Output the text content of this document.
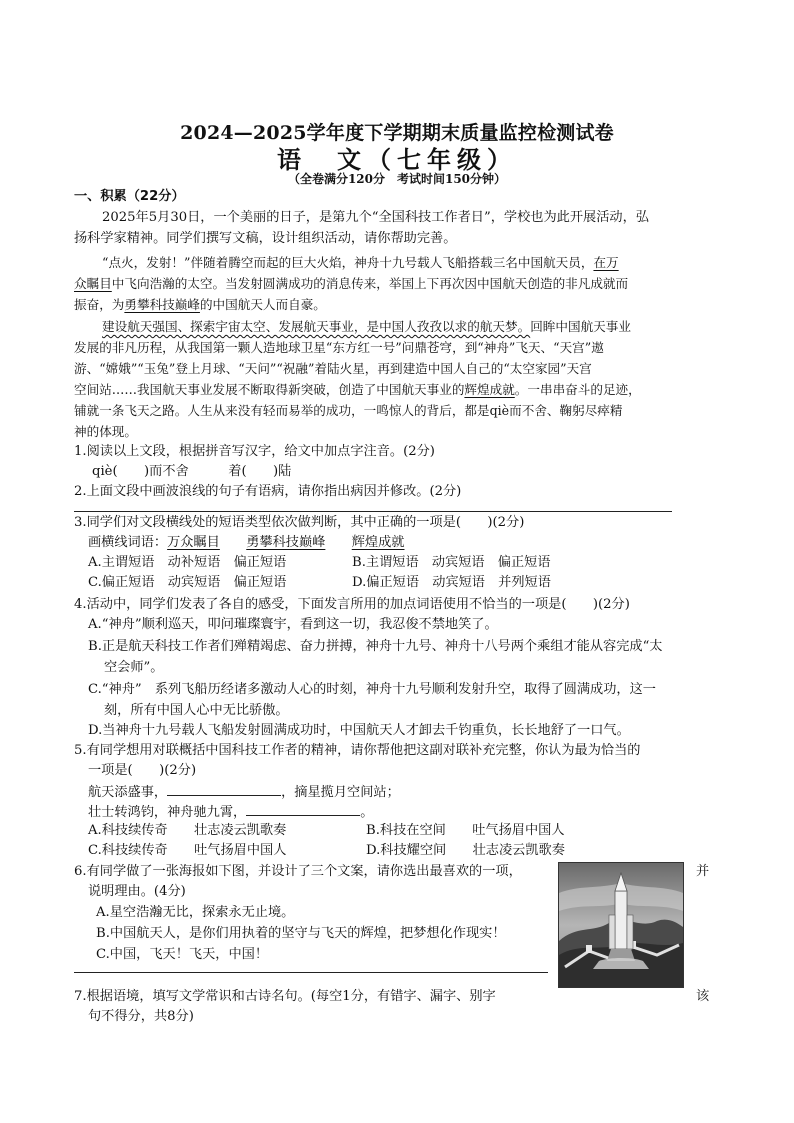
2024—2025学年度下学期期末质量监控检测试卷
语　文（七年级）
（全卷满分120分　考试时间150分钟）
一、积累（22分）
2025年5月30日，一个美丽的日子，是第九个“全国科技工作者日”，学校也为此开展活动，弘
扬科学家精神。同学们撰写文稿，设计组织活动，请你帮助完善。
“点火，发射！”伴随着腾空而起的巨大火焰，神舟十九号载人飞船搭载三名中国航天员，在万
众瞩目中飞向浩瀚的太空。当发射圆满成功的消息传来，举国上下再次因中国航天创造的非凡成就而
振奋，为勇攀科技巅峰的中国航天人而自豪。
建设航天强国、探索宇宙太空、发展航天事业，是中国人孜孜以求的航天梦。回眸中国航天事业
发展的非凡历程，从我国第一颗人造地球卫星“东方红一号”问鼎苍穹，到“神舟”飞天、“天宫”遨
游、“嫦娥”“玉兔”登上月球、“天问”“祝融”着陆火星，再到建造中国人自己的“太空家园”天宫
空间站……我国航天事业发展不断取得新突破，创造了中国航天事业的辉煌成就。一串串奋斗的足迹，
铺就一条飞天之路。人生从来没有轻而易举的成功，一鸣惊人的背后，都是qiè而不舍、鞠躬尽瘁精
神的体现。
1.阅读以上文段，根据拼音写汉字，给文中加点字注音。(2分)
qiè(　　)而不舍　　　着(　　)陆
2.上面文段中画波浪线的句子有语病，请你指出病因并修改。(2分)
3.同学们对文段横线处的短语类型依次做判断，其中正确的一项是(　　)(2分)
画横线词语：万众瞩目　　 勇攀科技巅峰　　 辉煌成就
A.主谓短语　动补短语　偏正短语	B.主谓短语　动宾短语　偏正短语
C.偏正短语　动宾短语　偏正短语	D.偏正短语　动宾短语　并列短语
4.活动中，同学们发表了各自的感受，下面发言所用的加点词语使用不恰当的一项是(　　)(2分)
A.“神舟”顺利巡天，叩问璀璨寰宇，看到这一切，我忍俊不禁地笑了。
B.正是航天科技工作者们殚精竭虑、奋力拼搏，神舟十九号、神舟十八号两个乘组才能从容完成“太
空会师”。
C.“神舟”　系列飞船历经诸多激动人心的时刻，神舟十九号顺利发射升空，取得了圆满成功，这一
刻，所有中国人心中无比骄傲。
D.当神舟十九号载人飞船发射圆满成功时，中国航天人才卸去千钧重负，长长地舒了一口气。
5.有同学想用对联概括中国科技工作者的精神，请你帮他把这副对联补充完整，你认为最为恰当的
一项是(　　)(2分)
航天添盛事，	，摘星揽月空间站；
壮士转鸿钧，神舟驰九霄，	。
A.科技续传奇　　壮志凌云凯歌奏	B.科技在空间　　吐气扬眉中国人
C.科技续传奇　　吐气扬眉中国人	D.科技耀空间　　壮志凌云凯歌奏
6.有同学做了一张海报如下图，并设计了三个文案，请你选出最喜欢的一项，	并
说明理由。(4分)
A.星空浩瀚无比，探索永无止境。
B.中国航天人，是你们用执着的坚守与飞天的辉煌，把梦想化作现实！
C.中国，飞天！飞天，中国！
7.根据语境，填写文学常识和古诗名句。(每空1分，有错字、漏字、别字	该
句不得分，共8分)
